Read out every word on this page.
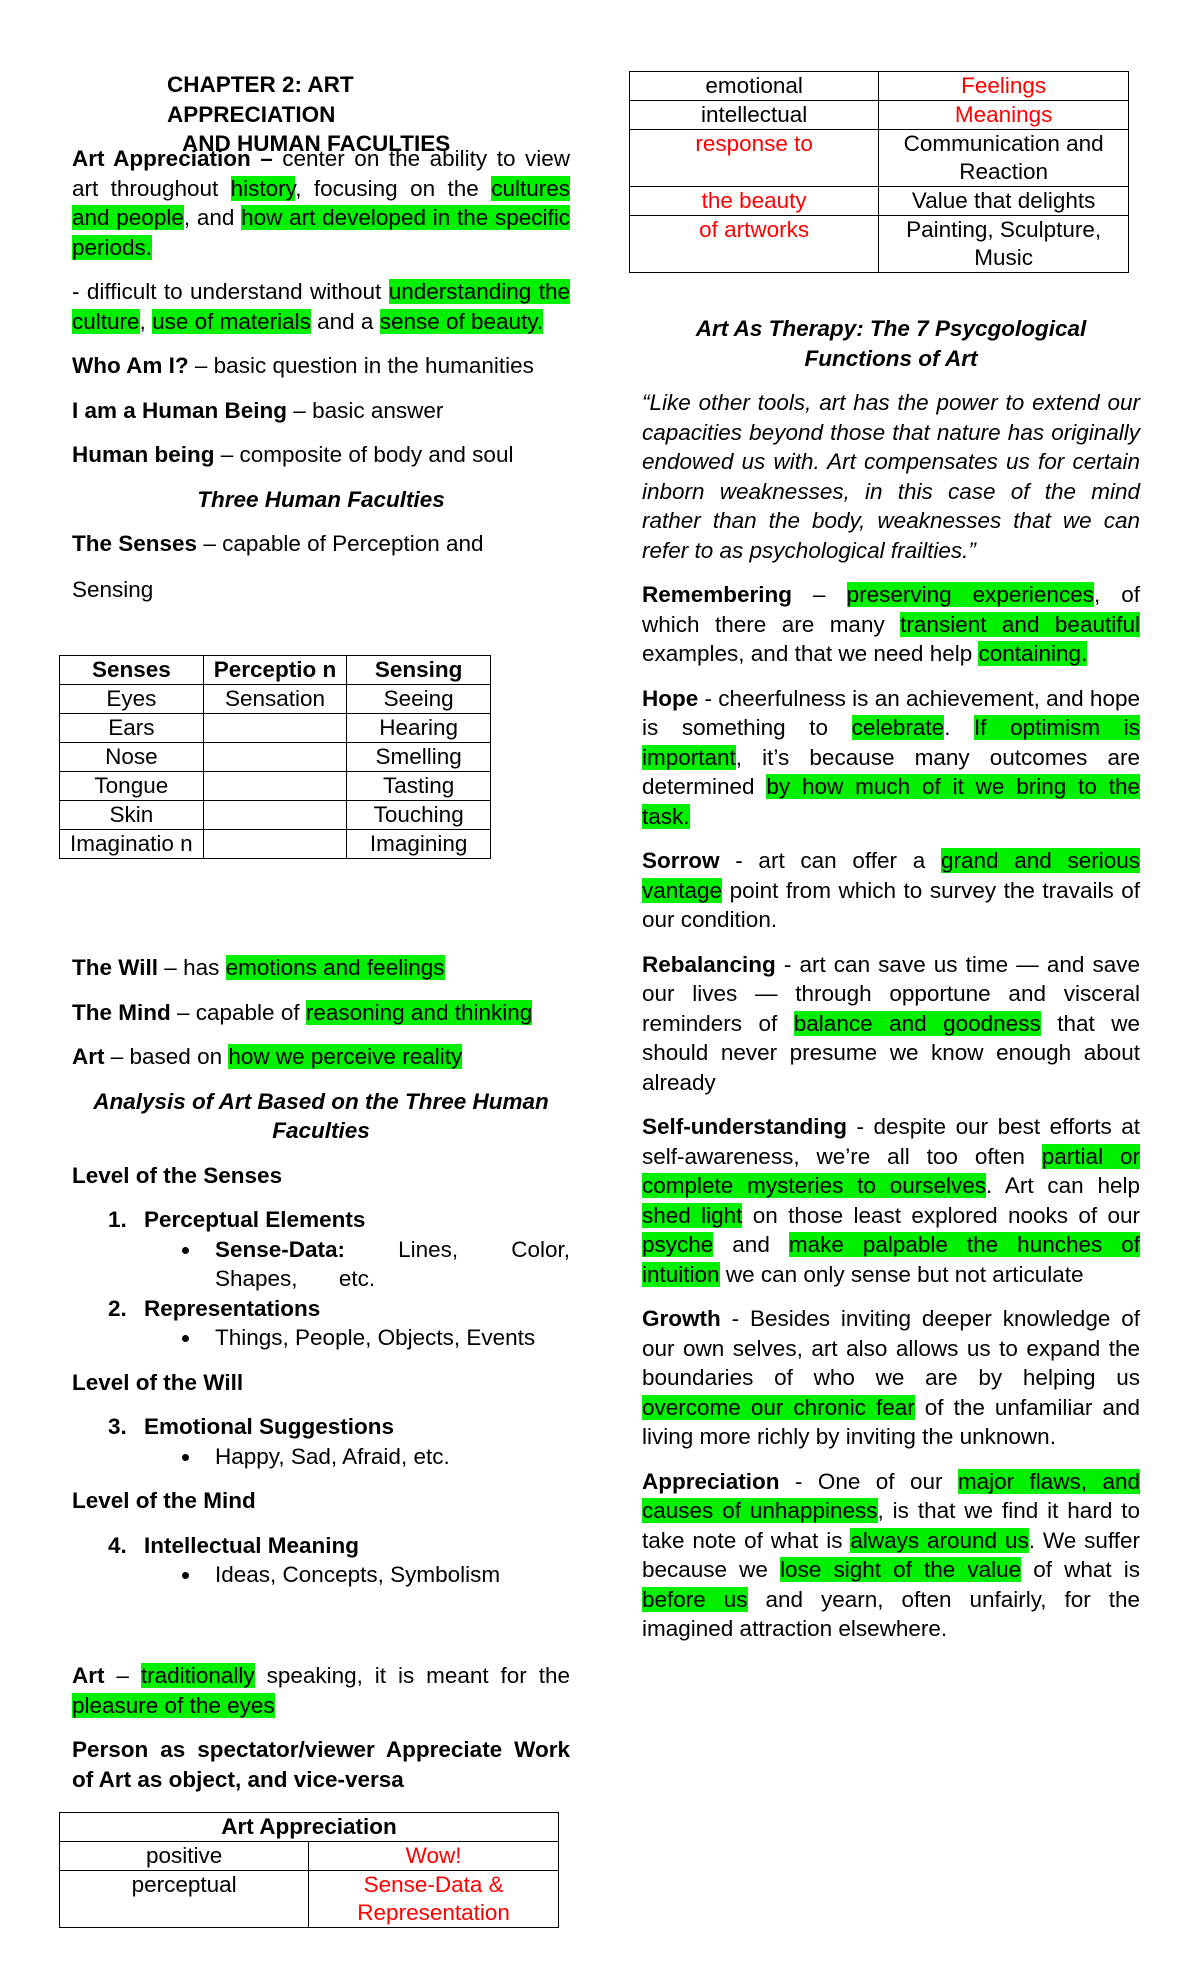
CHAPTER 2: ART APPRECIATION
AND HUMAN FACULTIES

Art Appreciation – center on the ability to view art throughout history, focusing on the cultures and people, and how art developed in the specific periods.

- difficult to understand without understanding the culture, use of materials and a sense of beauty.

Who Am I? – basic question in the humanities

I am a Human Being – basic answer

Human being – composite of body and soul

Three Human Faculties

The Senses – capable of Perception and

Sensing

Senses	Perceptio n	Sensing
Eyes	Sensation	Seeing
Ears		Hearing
Nose		Smelling
Tongue		Tasting
Skin		Touching
Imaginatio n		Imagining

The Will – has emotions and feelings

The Mind – capable of reasoning and thinking

Art – based on how we perceive reality

Analysis of Art Based on the Three Human Faculties

Level of the Senses

1. Perceptual Elements
Sense-Data: Lines, Color, Shapes, etc.
2. Representations
Things, People, Objects, Events

Level of the Will

3. Emotional Suggestions
Happy, Sad, Afraid, etc.

Level of the Mind

4. Intellectual Meaning
Ideas, Concepts, Symbolism

Art – traditionally speaking, it is meant for the pleasure of the eyes

Person as spectator/viewer Appreciate Work of Art as object, and vice-versa

Art Appreciation	
positive	Wow!
perceptual	Sense-Data & Representation
emotional	Feelings
intellectual	Meanings
response to	Communication and Reaction
the beauty	Value that delights
of artworks	Painting, Sculpture, Music

Art As Therapy: The 7 Psycgological Functions of Art

“Like other tools, art has the power to extend our capacities beyond those that nature has originally endowed us with. Art compensates us for certain inborn weaknesses, in this case of the mind rather than the body, weaknesses that we can refer to as psychological frailties.”

Remembering – preserving experiences, of which there are many transient and beautiful examples, and that we need help containing.

Hope - cheerfulness is an achievement, and hope is something to celebrate. If optimism is important, it’s because many outcomes are determined by how much of it we bring to the task.

Sorrow - art can offer a grand and serious vantage point from which to survey the travails of our condition.

Rebalancing - art can save us time — and save our lives — through opportune and visceral reminders of balance and goodness that we should never presume we know enough about already

Self-understanding - despite our best efforts at self-awareness, we’re all too often partial or complete mysteries to ourselves. Art can help shed light on those least explored nooks of our psyche and make palpable the hunches of intuition we can only sense but not articulate

Growth - Besides inviting deeper knowledge of our own selves, art also allows us to expand the boundaries of who we are by helping us overcome our chronic fear of the unfamiliar and living more richly by inviting the unknown.

Appreciation - One of our major flaws, and causes of unhappiness, is that we find it hard to take note of what is always around us. We suffer because we lose sight of the value of what is before us and yearn, often unfairly, for the imagined attraction elsewhere.
